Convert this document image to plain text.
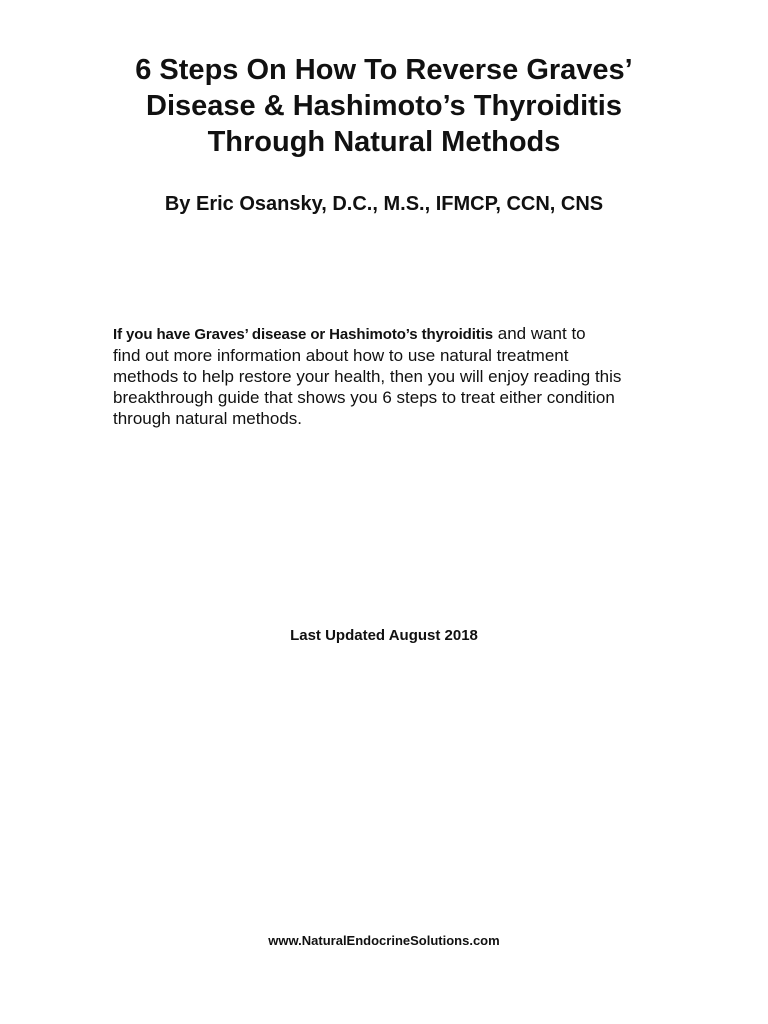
6 Steps On How To Reverse Graves’
Disease & Hashimoto’s Thyroiditis
Through Natural Methods
By Eric Osansky, D.C., M.S., IFMCP, CCN, CNS
If you have Graves’ disease or Hashimoto’s thyroiditis and want to
find out more information about how to use natural treatment
methods to help restore your health, then you will enjoy reading this
breakthrough guide that shows you 6 steps to treat either condition
through natural methods.
Last Updated August 2018
www.NaturalEndocrineSolutions.com
